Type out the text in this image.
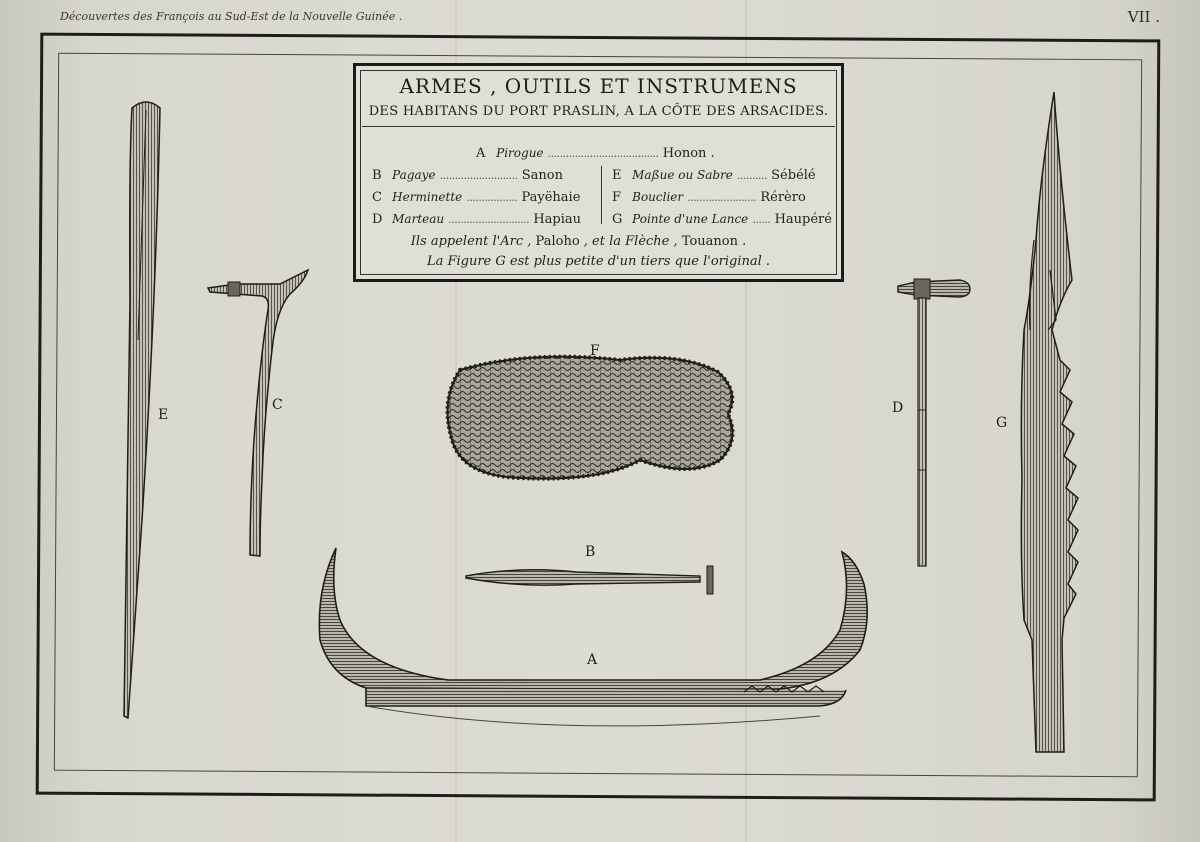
Découvertes des François au Sud-Est de la Nouvelle Guinée .	VII .
ARMES , OUTILS ET INSTRUMENS
DES HABITANS DU PORT PRASLIN, A LA CÔTE DES ARSACIDES.
A Pirogue ..................................... Honon .
B Pagaye .......................... Sanon
C Herminette ................. Payëhaie
D Marteau ........................... Hapiau
E Maßue ou Sabre .......... Sébélé
F Bouclier ....................... Rérèro
G Pointe d'une Lance ...... Haupéré
Ils appelent l'Arc , Paloho , et la Flèche , Touanon .
La Figure G est plus petite d'un tiers que l'original .
E
C
F
B
A
D
G
